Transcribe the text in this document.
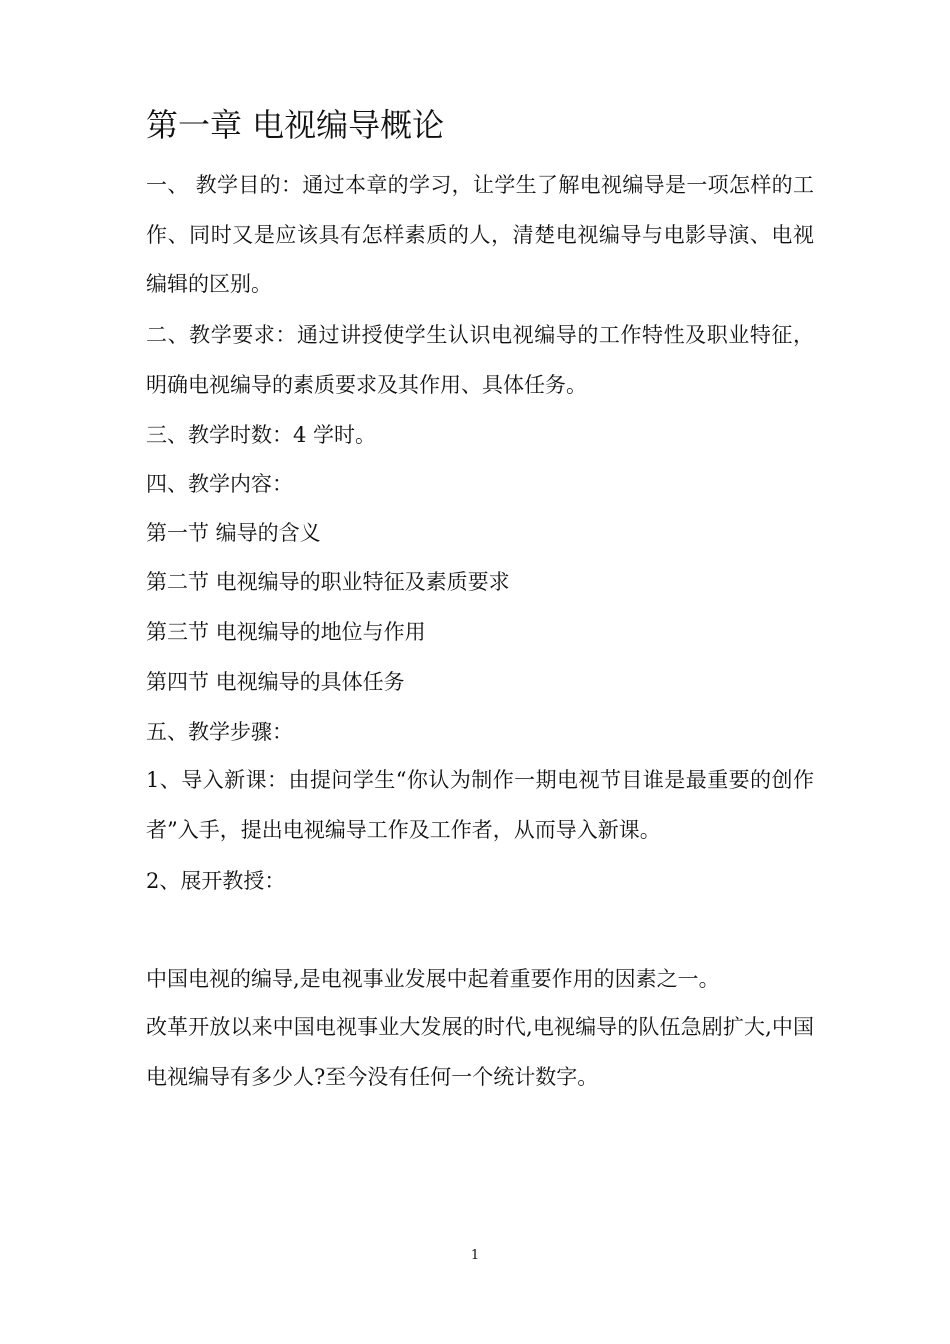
第一章 电视编导概论

一、 教学目的：通过本章的学习，让学生了解电视编导是一项怎样的工作、同时又是应该具有怎样素质的人，清楚电视编导与电影导演、电视编辑的区别。

二、教学要求：通过讲授使学生认识电视编导的工作特性及职业特征，明确电视编导的素质要求及其作用、具体任务。

三、教学时数：4 学时。

四、教学内容：

第一节 编导的含义

第二节 电视编导的职业特征及素质要求

第三节 电视编导的地位与作用

第四节 电视编导的具体任务

五、教学步骤：

1、导入新课：由提问学生“你认为制作一期电视节目谁是最重要的创作者”入手，提出电视编导工作及工作者，从而导入新课。

2、展开教授：

中国电视的编导,是电视事业发展中起着重要作用的因素之一。

改革开放以来中国电视事业大发展的时代,电视编导的队伍急剧扩大,中国电视编导有多少人?至今没有任何一个统计数字。

1
